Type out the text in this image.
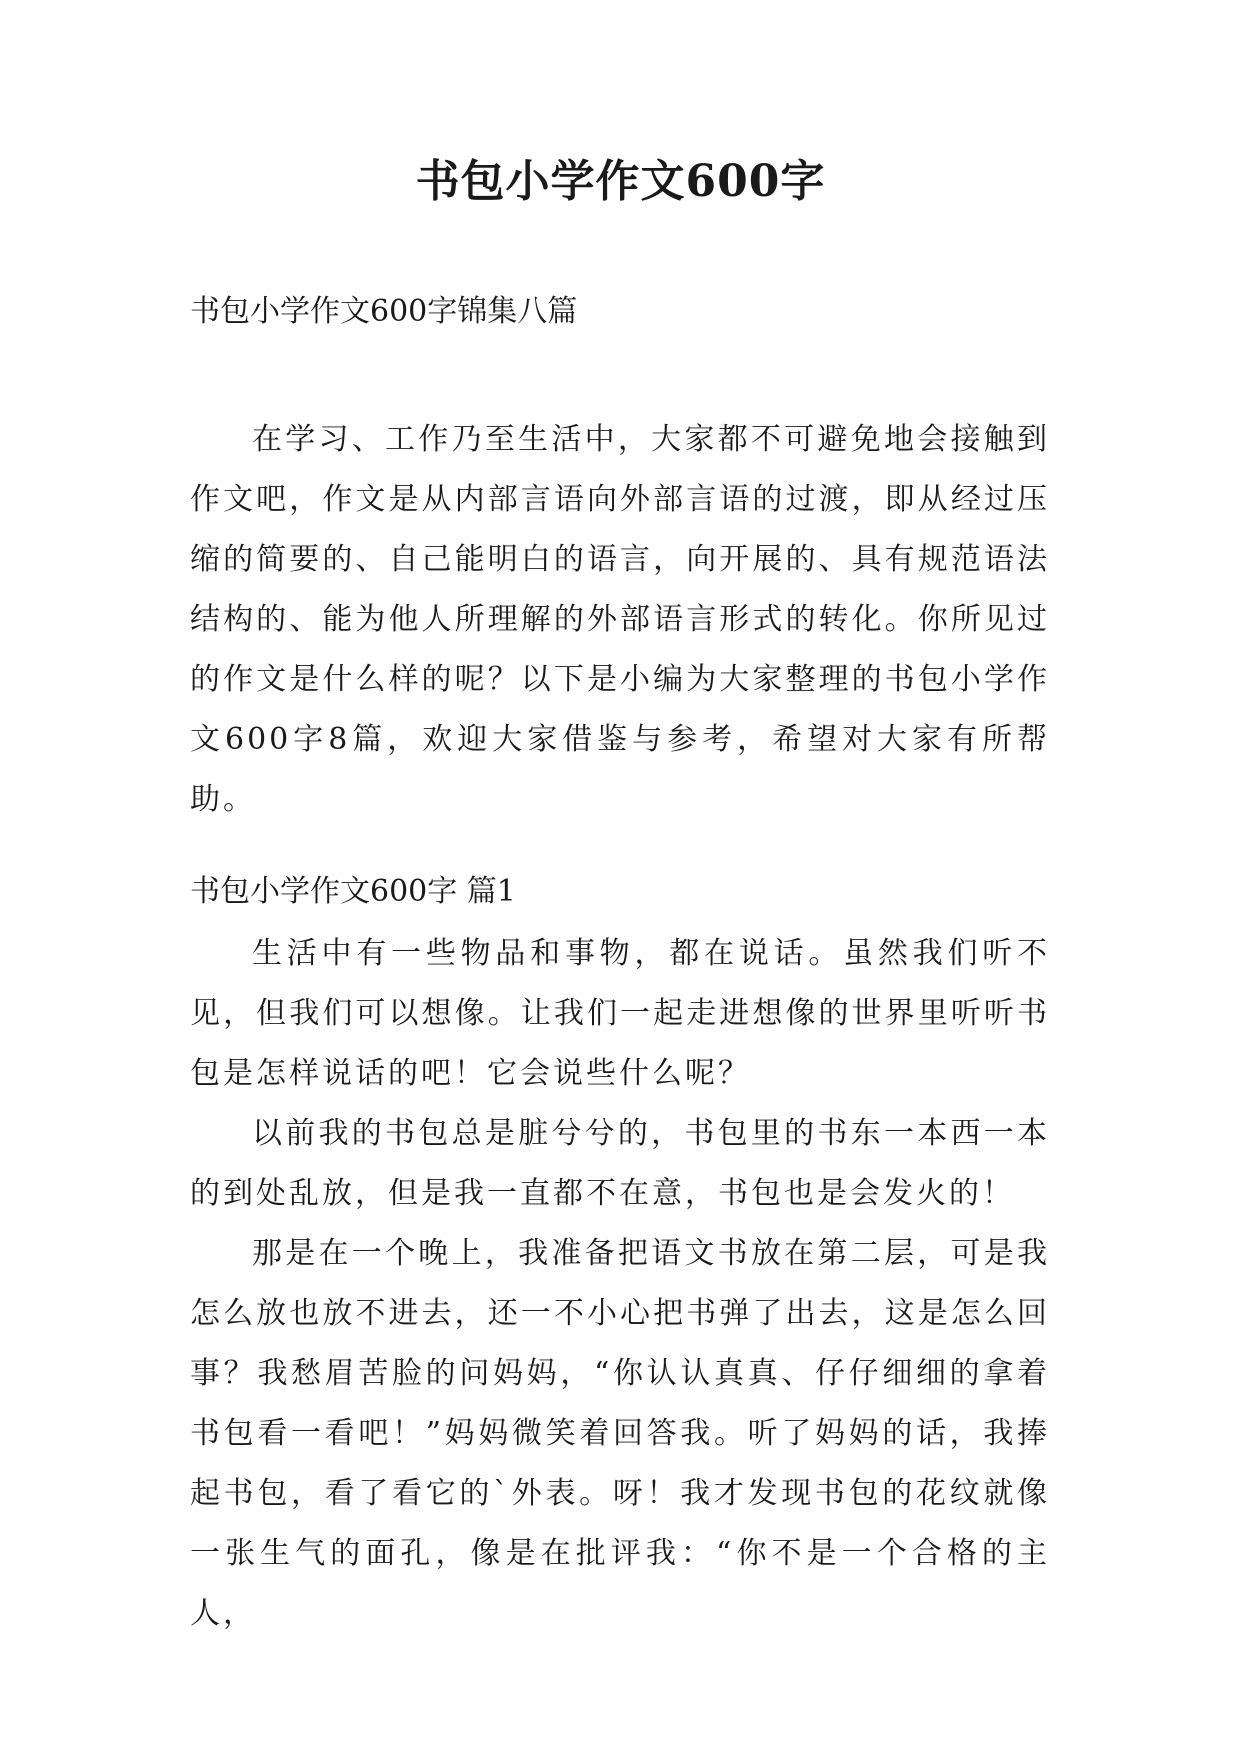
书包小学作文600字
书包小学作文600字锦集八篇

在学习、工作乃至生活中，大家都不可避免地会接触到作文吧，作文是从内部言语向外部言语的过渡，即从经过压缩的简要的、自己能明白的语言，向开展的、具有规范语法结构的、能为他人所理解的外部语言形式的转化。你所见过的作文是什么样的呢？以下是小编为大家整理的书包小学作文600字8篇，欢迎大家借鉴与参考，希望对大家有所帮助。

书包小学作文600字 篇1

生活中有一些物品和事物，都在说话。虽然我们听不见，但我们可以想像。让我们一起走进想像的世界里听听书包是怎样说话的吧！它会说些什么呢？

以前我的书包总是脏兮兮的，书包里的书东一本西一本的到处乱放，但是我一直都不在意，书包也是会发火的！

那是在一个晚上，我准备把语文书放在第二层，可是我怎么放也放不进去，还一不小心把书弹了出去，这是怎么回事？我愁眉苦脸的问妈妈，“你认认真真、仔仔细细的拿着书包看一看吧！”妈妈微笑着回答我。听了妈妈的话，我捧起书包，看了看它的`外表。呀！我才发现书包的花纹就像一张生气的面孔，像是在批评我：“你不是一个合格的主人，
